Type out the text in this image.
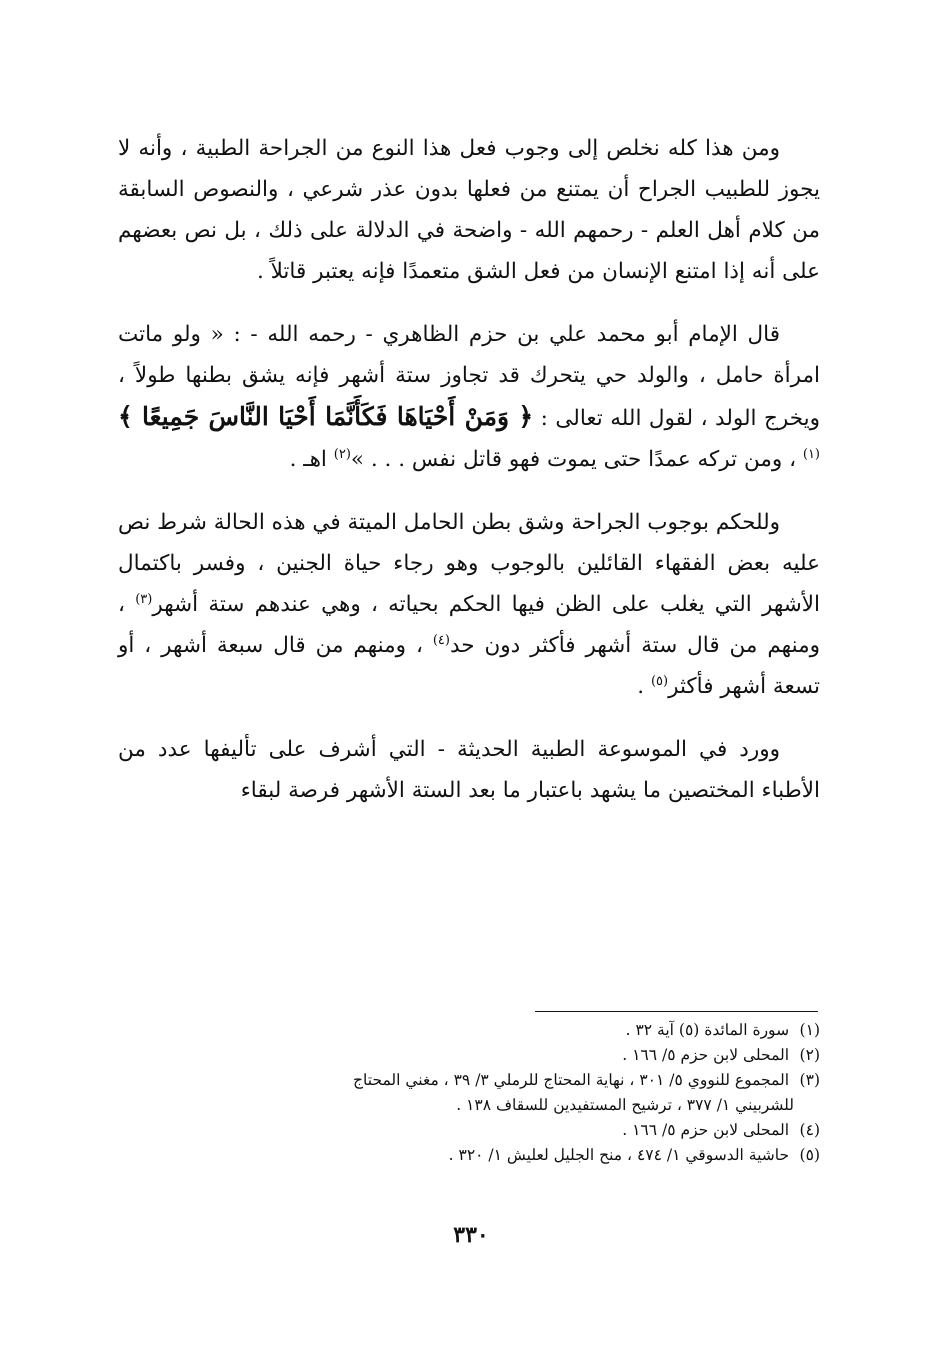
ومن هذا كله نخلص إلى وجوب فعل هذا النوع من الجراحة الطبية ، وأنه لا يجوز للطبيب الجراح أن يمتنع من فعلها بدون عذر شرعي ، والنصوص السابقة من كلام أهل العلم - رحمهم الله - واضحة في الدلالة على ذلك ، بل نص بعضهم على أنه إذا امتنع الإنسان من فعل الشق متعمدًا فإنه يعتبر قاتلاً .

قال الإمام أبو محمد علي بن حزم الظاهري - رحمه الله - : « ولو ماتت امرأة حامل ، والولد حي يتحرك قد تجاوز ستة أشهر فإنه يشق بطنها طولاً ، ويخرج الولد ، لقول الله تعالى : ﴿ وَمَنْ أَحْيَاهَا فَكَأَنَّمَا أَحْيَا النَّاسَ جَمِيعًا ﴾$^{(١)}$ ، ومن تركه عمدًا حتى يموت فهو قاتل نفس . . . »$^{(٢)}$ اهـ .

وللحكم بوجوب الجراحة وشق بطن الحامل الميتة في هذه الحالة شرط نص عليه بعض الفقهاء القائلين بالوجوب وهو رجاء حياة الجنين ، وفسر باكتمال الأشهر التي يغلب على الظن فيها الحكم بحياته ، وهي عندهم ستة أشهر$^{(٣)}$ ، ومنهم من قال ستة أشهر فأكثر دون حد$^{(٤)}$ ، ومنهم من قال سبعة أشهر ، أو تسعة أشهر فأكثر$^{(٥)}$ .

وورد في الموسوعة الطبية الحديثة - التي أشرف على تأليفها عدد من الأطباء المختصين ما يشهد باعتبار ما بعد الستة الأشهر فرصة لبقاء

(١) سورة المائدة (٥) آية ٣٢ .

(٢) المحلى لابن حزم ٥/ ١٦٦ .

(٣) المجموع للنووي ٥/ ٣٠١ ، نهاية المحتاج للرملي ٣/ ٣٩ ، مغني المحتاج

للشربيني ١/ ٣٧٧ ، ترشيح المستفيدين للسقاف ١٣٨ .

(٤) المحلى لابن حزم ٥/ ١٦٦ .

(٥) حاشية الدسوقي ١/ ٤٧٤ ، منح الجليل لعليش ١/ ٣٢٠ .

٣٣٠
